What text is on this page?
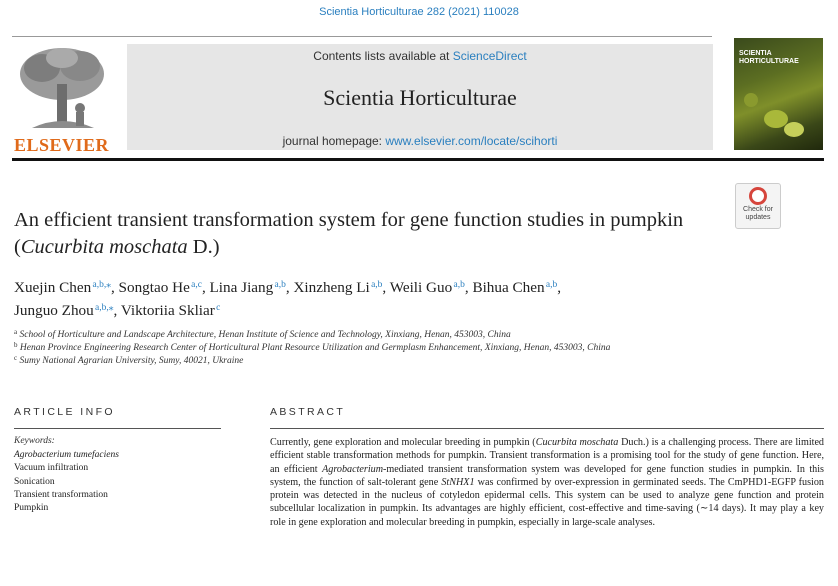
Scientia Horticulturae 282 (2021) 110028
ELSEVIER
Contents lists available at ScienceDirect
Scientia Horticulturae
journal homepage: www.elsevier.com/locate/scihorti
SCIENTIA HORTICULTURAE
Check for
updates
An efficient transient transformation system for gene function studies in pumpkin (Cucurbita moschata D.)
Xuejin Chen $^{a,b,⁎}$, Songtao He $^{a,c}$, Lina Jiang $^{a,b}$, Xinzheng Li $^{a,b}$, Weili Guo $^{a,b}$, Bihua Chen $^{a,b}$,
Junguo Zhou $^{a,b,⁎}$, Viktoriia Skliar $^c$
$^a$ School of Horticulture and Landscape Architecture, Henan Institute of Science and Technology, Xinxiang, Henan, 453003, China
$^b$ Henan Province Engineering Research Center of Horticultural Plant Resource Utilization and Germplasm Enhancement, Xinxiang, Henan, 453003, China
$^c$ Sumy National Agrarian University, Sumy, 40021, Ukraine
ARTICLE INFO
Keywords:
Agrobacterium tumefaciens
Vacuum infiltration
Sonication
Transient transformation
Pumpkin
ABSTRACT
Currently, gene exploration and molecular breeding in pumpkin (Cucurbita moschata Duch.) is a challenging process. There are limited efficient stable transformation methods for pumpkin. Transient transformation is a promising tool for the study of gene function. Here, an efficient Agrobacterium-mediated transient transformation system was developed for gene function studies in pumpkin. In this system, the function of salt-tolerant gene StNHX1 was confirmed by over-expression in germinated seeds. The CmPHD1-EGFP fusion protein was detected in the nucleus of cotyledon epidermal cells. This system can be used to analyze gene function and protein subcellular localization in pumpkin. Its advantages are highly efficient, cost-effective and time-saving (∼14 days). It may play a key role in gene exploration and molecular breeding in pumpkin, especially in large-scale analyses.
